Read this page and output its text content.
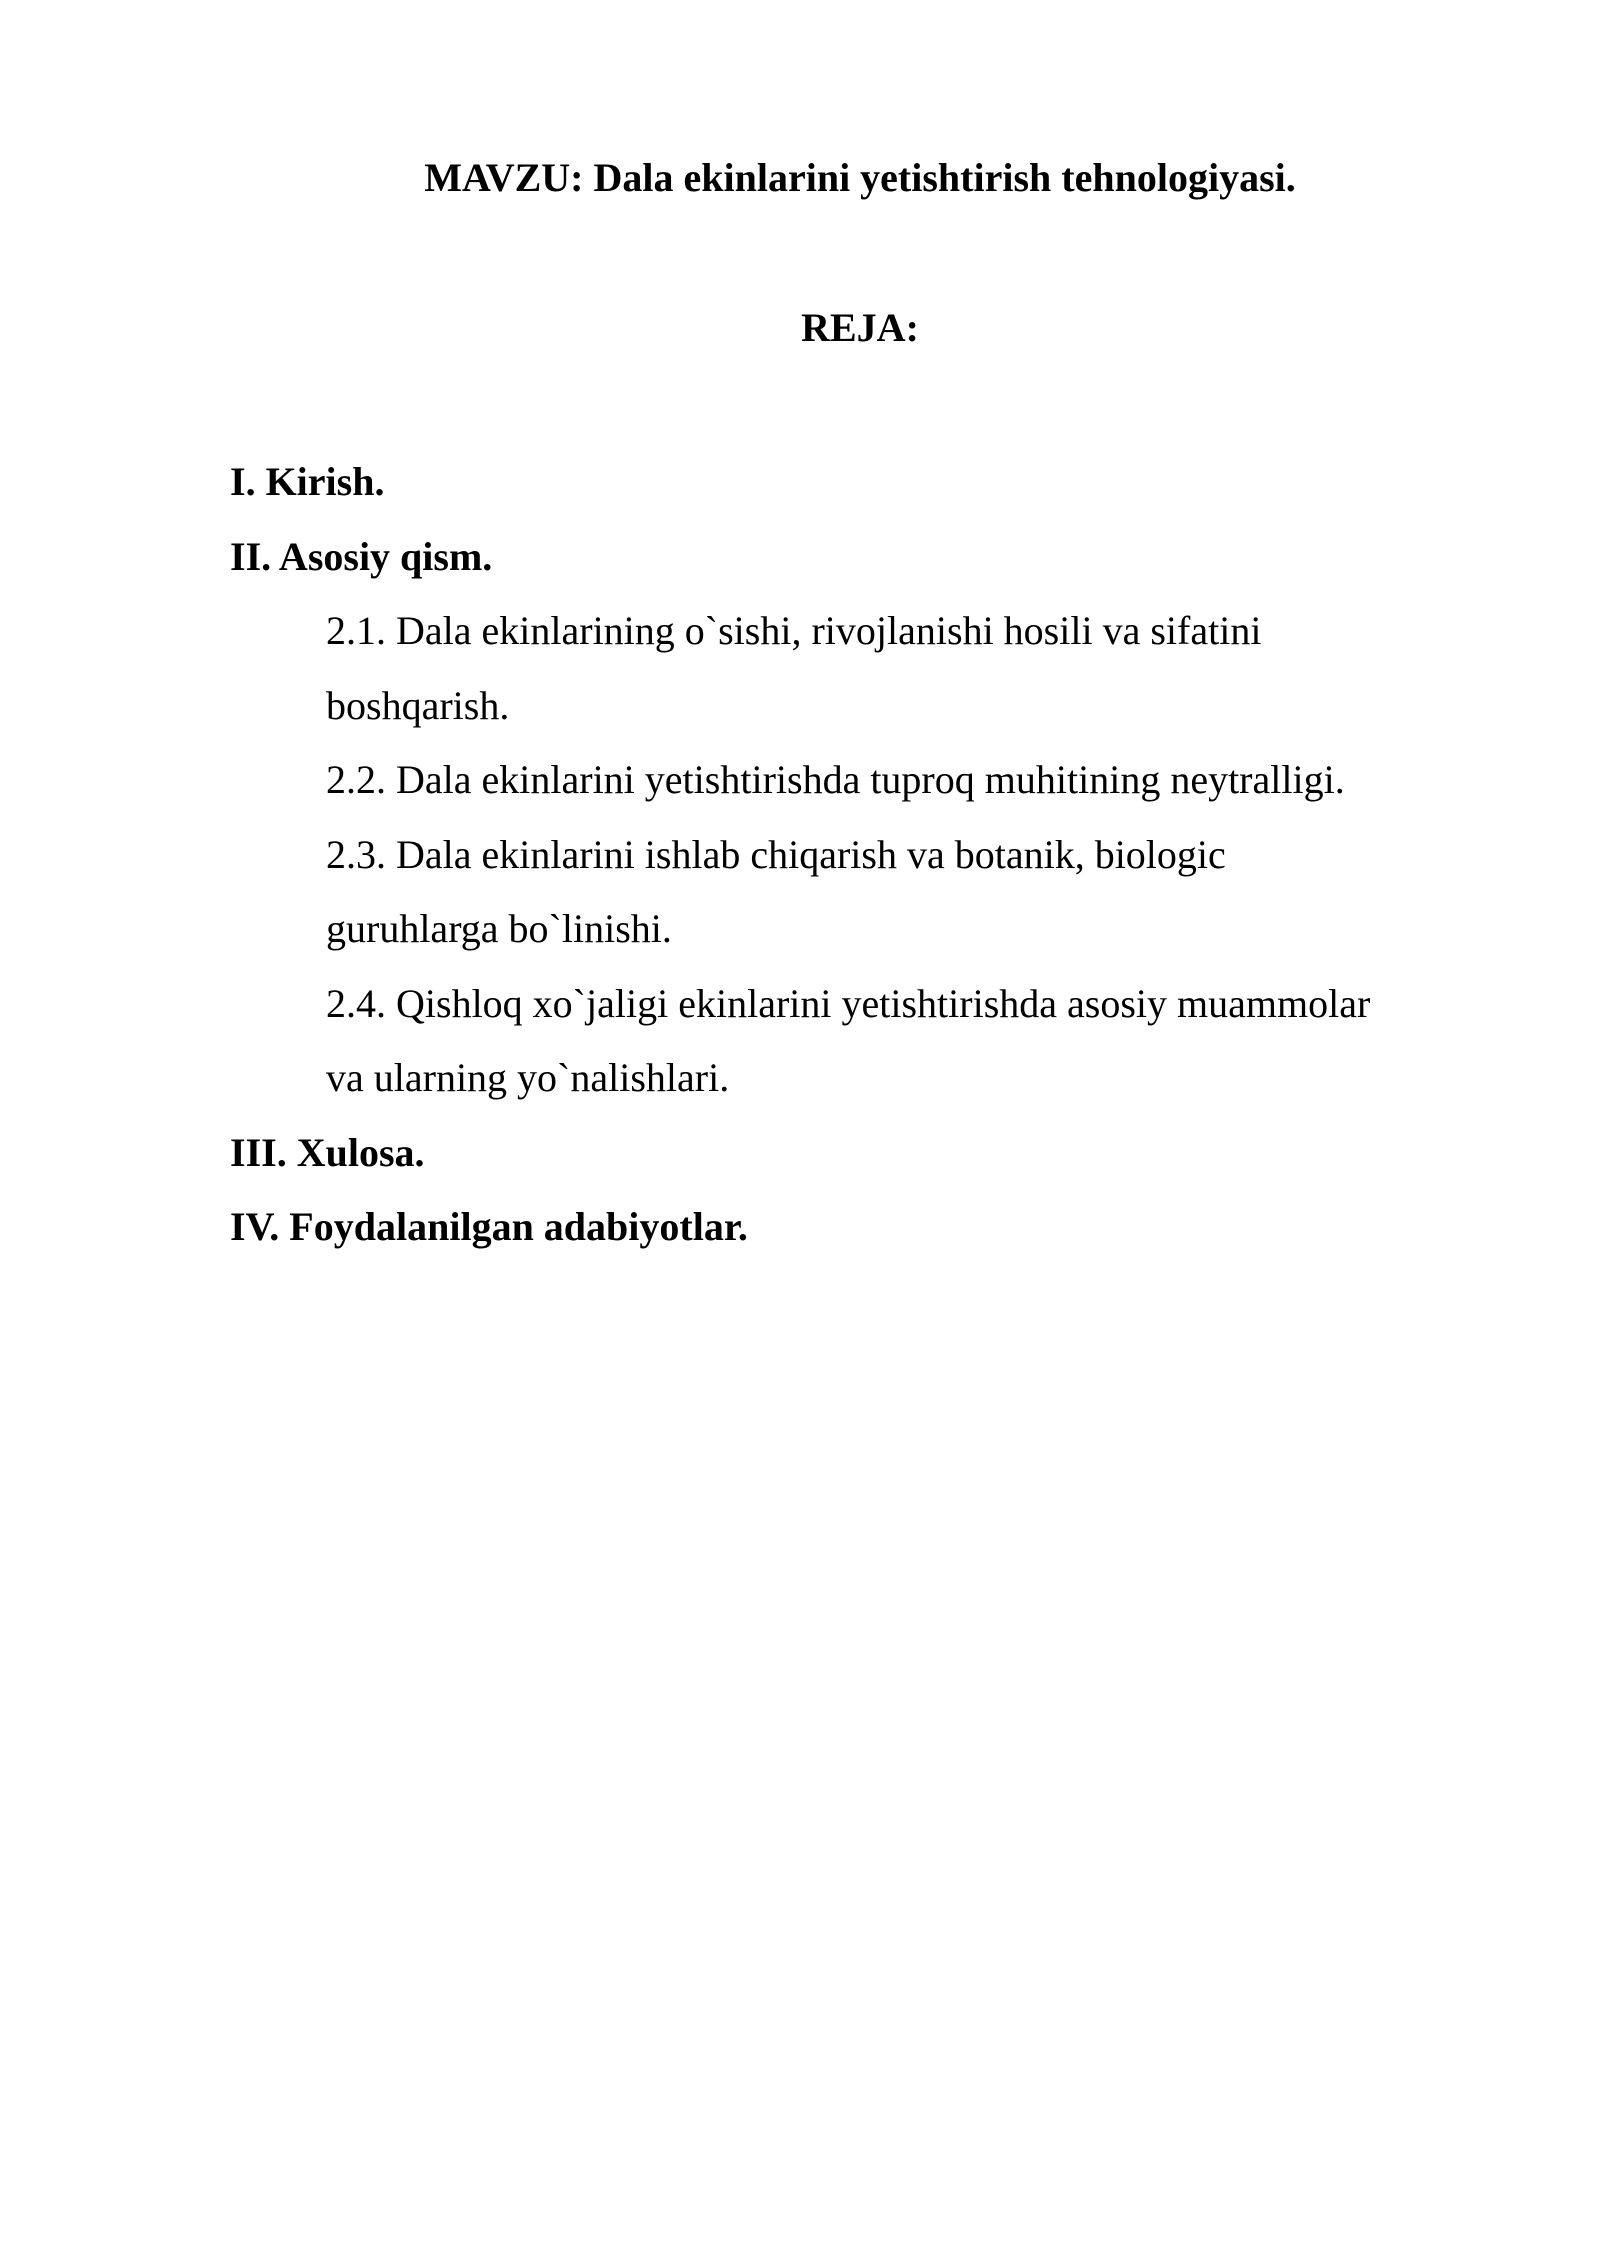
MAVZU: Dala ekinlarini yetishtirish tehnologiyasi.
REJA:

I. Kirish.

II. Asosiy qism.

2.1. Dala ekinlarining o`sishi, rivojlanishi hosili va sifatini

boshqarish.

2.2. Dala ekinlarini yetishtirishda tuproq muhitining neytralligi.

2.3. Dala ekinlarini ishlab chiqarish va botanik, biologic

guruhlarga bo`linishi.

2.4. Qishloq xo`jaligi ekinlarini yetishtirishda asosiy muammolar

va ularning yo`nalishlari.

III. Xulosa.

IV. Foydalanilgan adabiyotlar.
